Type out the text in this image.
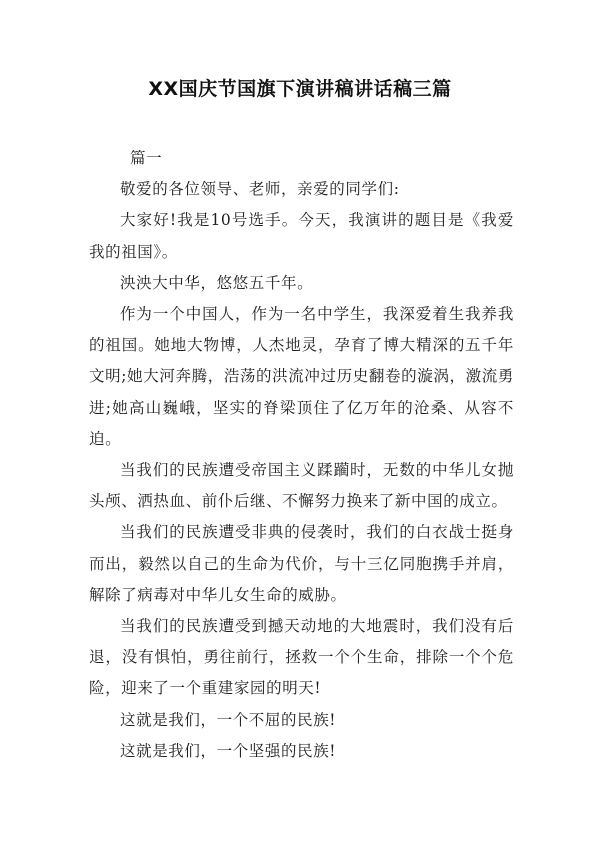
XX国庆节国旗下演讲稿讲话稿三篇

篇一

敬爱的各位领导、老师，亲爱的同学们:

大家好!我是10号选手。今天，我演讲的题目是《我爱我的祖国》。

泱泱大中华，悠悠五千年。

作为一个中国人，作为一名中学生，我深爱着生我养我的祖国。她地大物博，人杰地灵，孕育了博大精深的五千年文明;她大河奔腾，浩荡的洪流冲过历史翻卷的漩涡，激流勇进;她高山巍峨，坚实的脊梁顶住了亿万年的沧桑、从容不迫。

当我们的民族遭受帝国主义蹂躏时，无数的中华儿女抛头颅、洒热血、前仆后继、不懈努力换来了新中国的成立。

当我们的民族遭受非典的侵袭时，我们的白衣战士挺身而出，毅然以自己的生命为代价，与十三亿同胞携手并肩，解除了病毒对中华儿女生命的威胁。

当我们的民族遭受到撼天动地的大地震时，我们没有后退，没有惧怕，勇往前行，拯救一个个生命，排除一个个危险，迎来了一个重建家园的明天!

这就是我们，一个不屈的民族!

这就是我们，一个坚强的民族!
